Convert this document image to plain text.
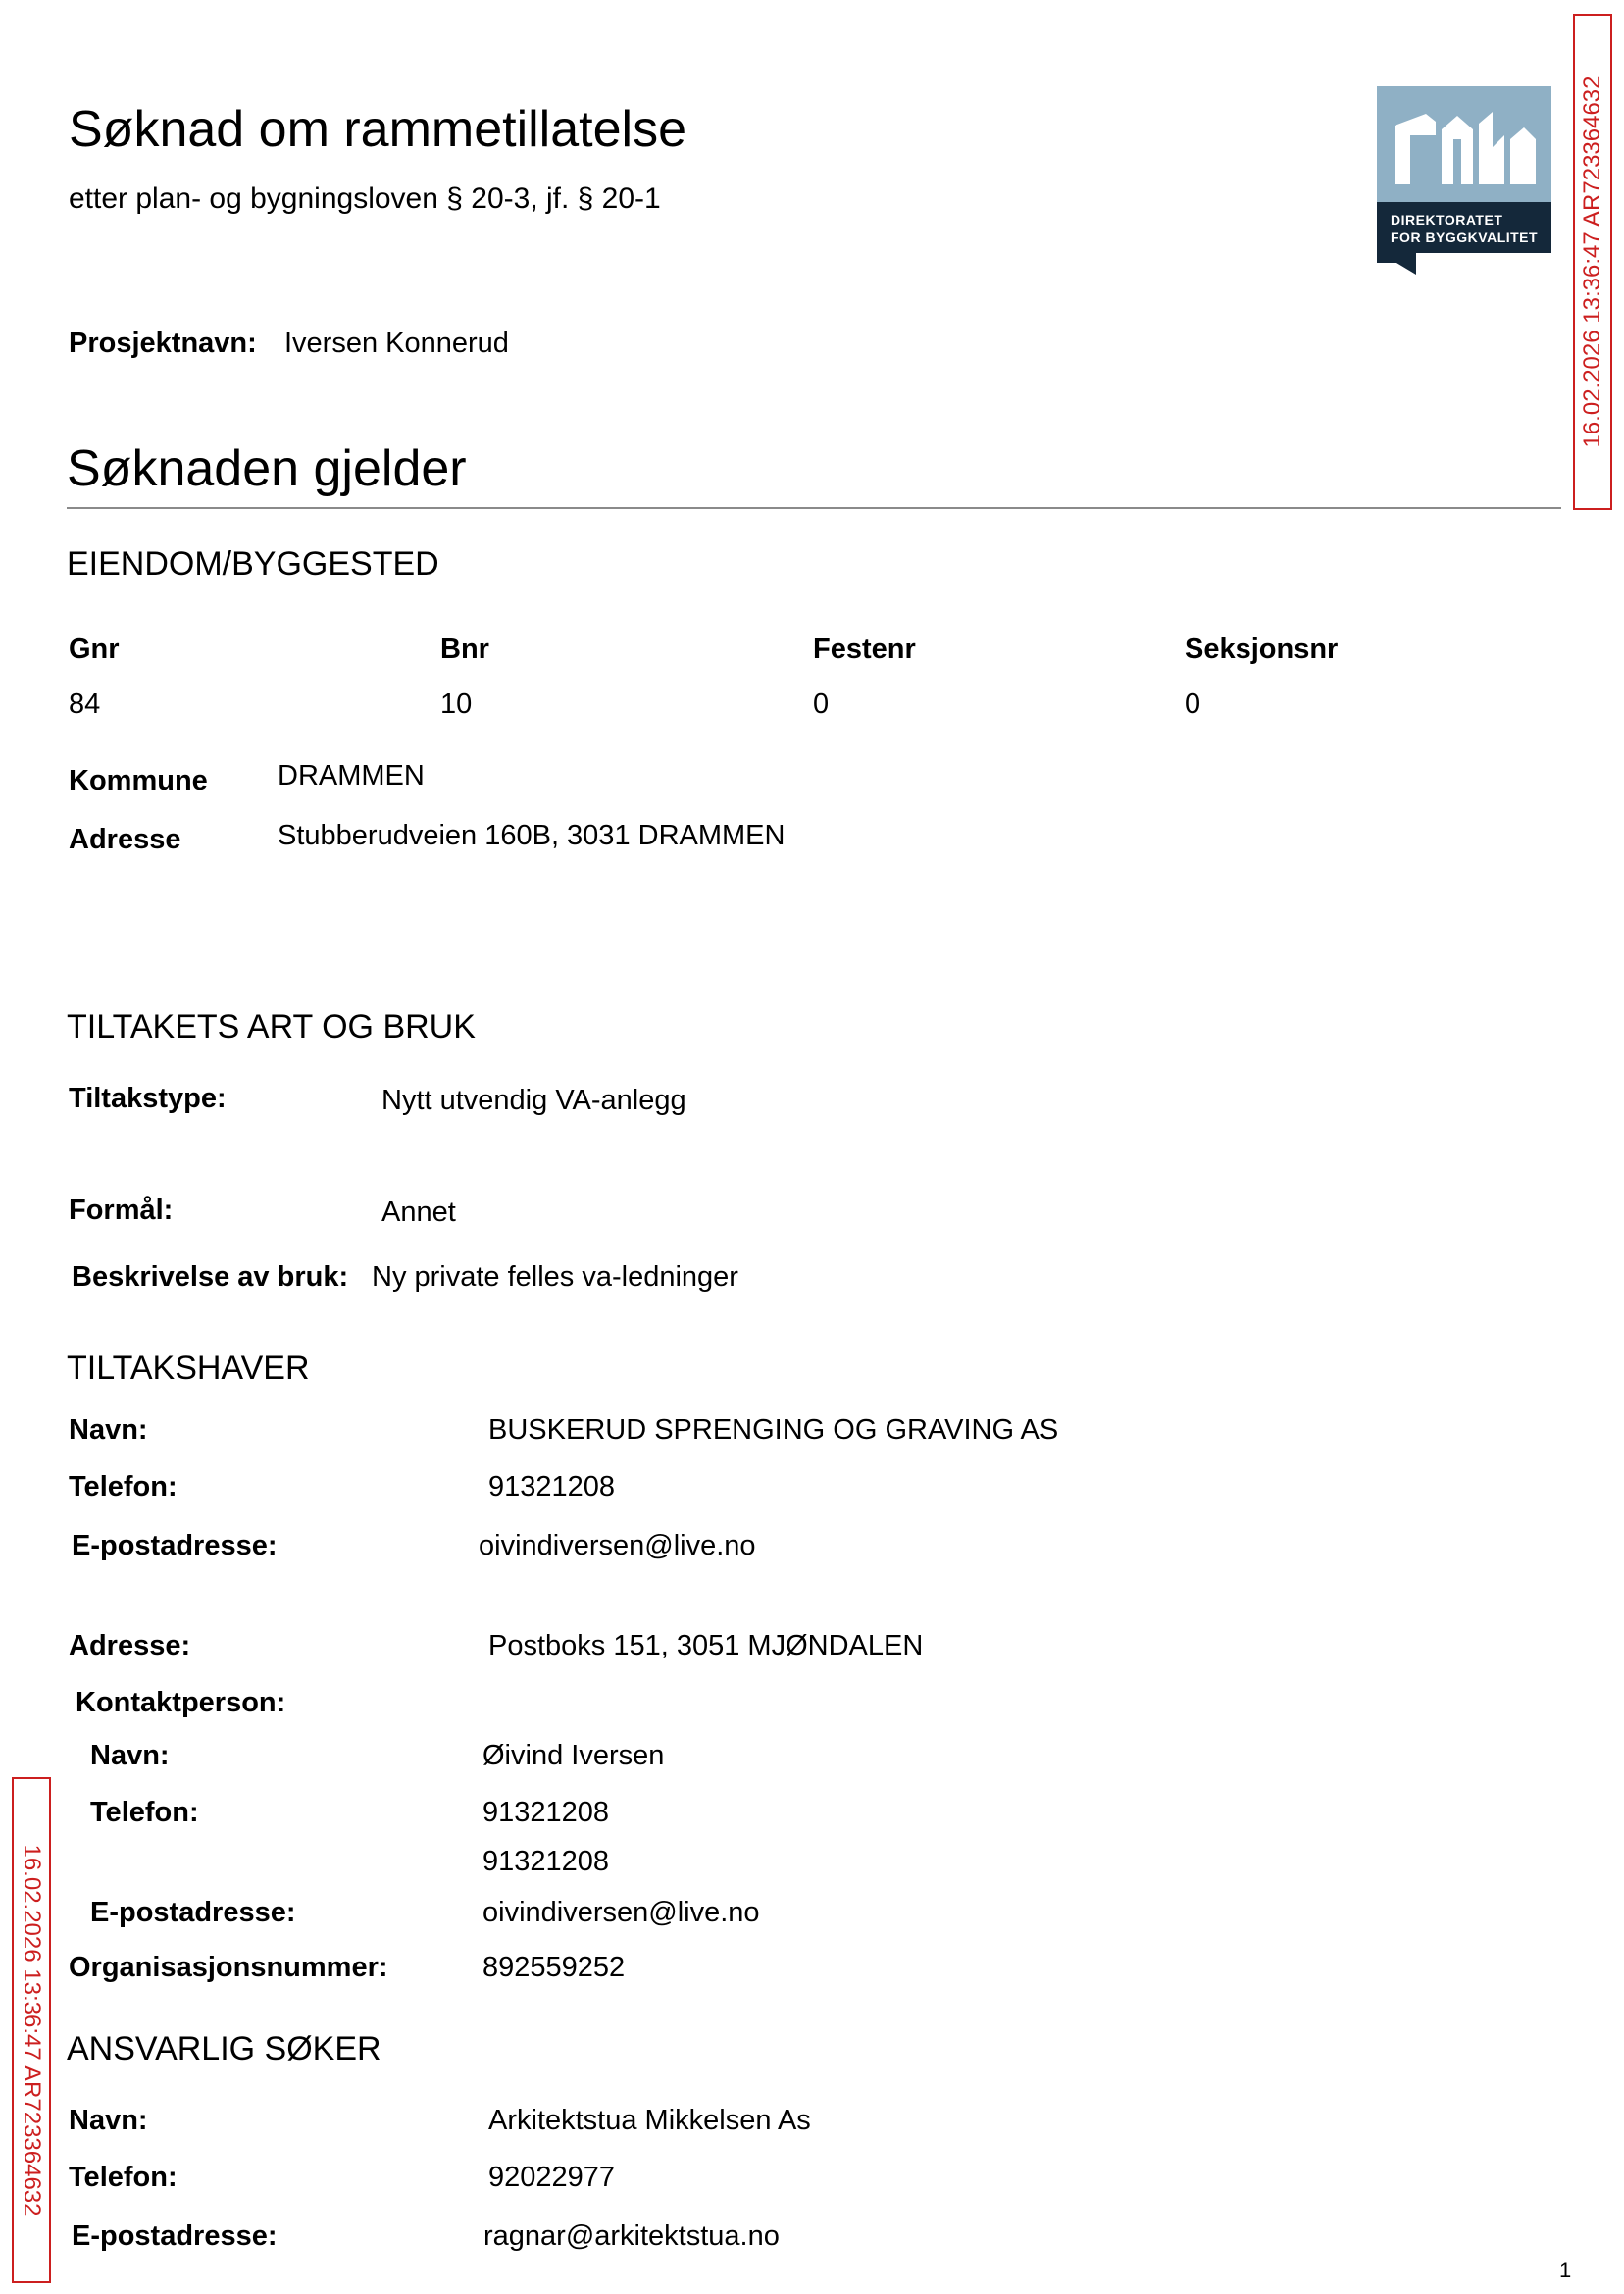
Søknad om rammetillatelse
etter plan- og bygningsloven § 20-3, jf. § 20-1
DIREKTORATET
FOR BYGGKVALITET 16.02.2026 13:36:47 AR723364632
Prosjektnavn: Iversen Konnerud
Søknaden gjelder
EIENDOM/BYGGESTED
Gnr	Bnr	Festenr	Seksjonsnr
84	10	0	0
Kommune DRAMMEN
Adresse	Stubberudveien 160B, 3031 DRAMMEN
TILTAKETS ART OG BRUK
Tiltakstype:	Nytt utvendig VA-anlegg
Formål:	Annet
Beskrivelse av bruk: Ny private felles va-ledninger
TILTAKSHAVER
Navn:	BUSKERUD SPRENGING OG GRAVING AS
Telefon:	91321208
E-postadresse:	oivindiversen@live.no
Adresse:	Postboks 151, 3051 MJØNDALEN
Kontaktperson:
Navn:	Øivind Iversen
Telefon:	91321208
91321208
E-postadresse:	oivindiversen@live.no
Organisasjonsnummer:	892559252
ANSVARLIG SØKER
Navn:	Arkitektstua Mikkelsen As
Telefon:	92022977
E-postadresse:	ragnar@arkitektstua.no
16.02.2026 13:36:47 AR723364632
1
